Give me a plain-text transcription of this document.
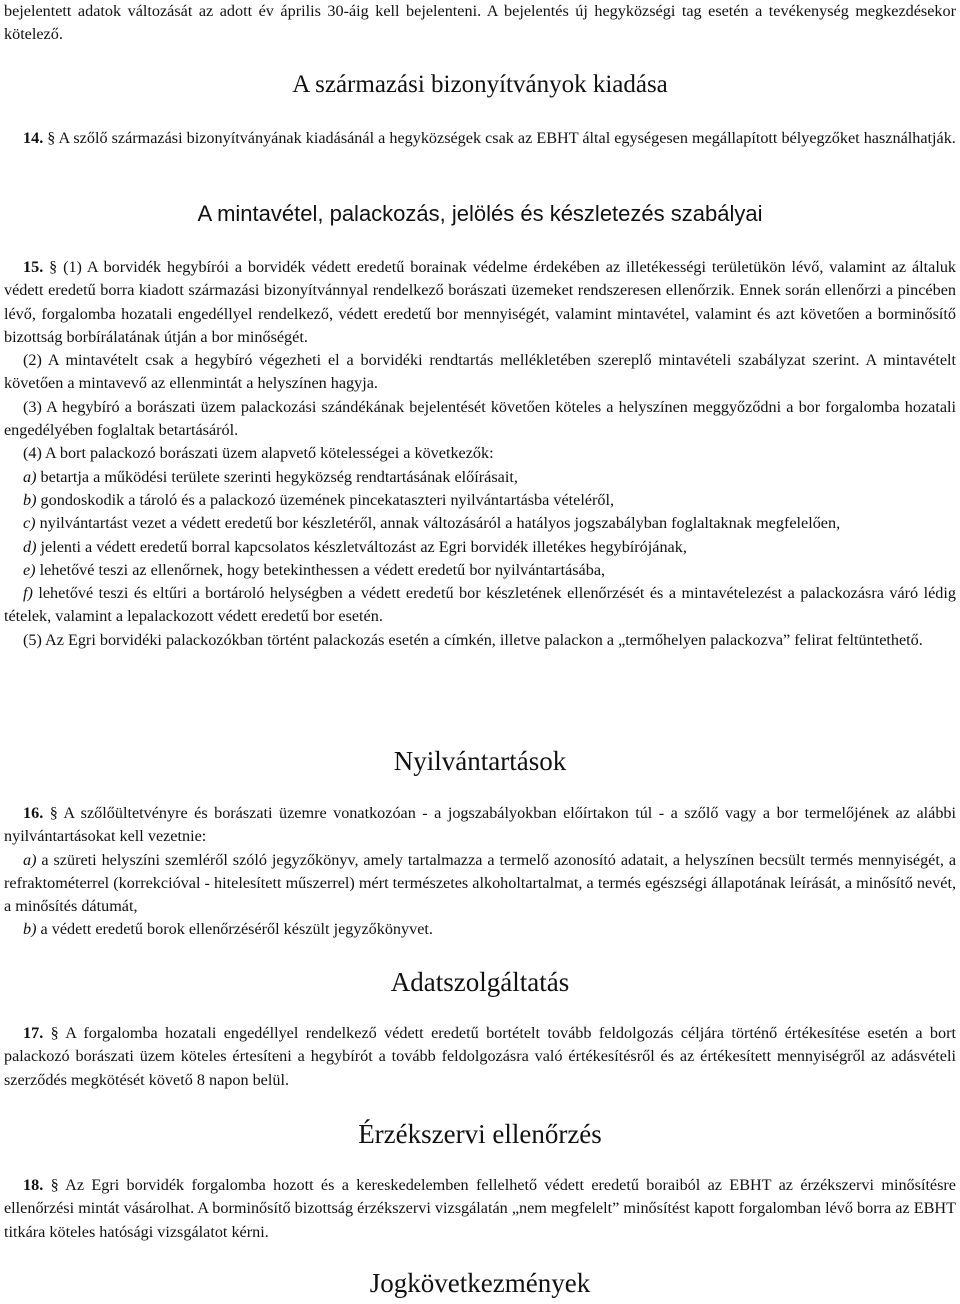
bejelentett adatok változását az adott év április 30-áig kell bejelenteni. A bejelentés új hegyközségi tag esetén a tevékenység megkezdésekor kötelező.

A származási bizonyítványok kiadása

14. § A szőlő származási bizonyítványának kiadásánál a hegyközségek csak az EBHT által egységesen megállapított bélyegzőket használhatják.

A mintavétel, palackozás, jelölés és készletezés szabályai

15. § (1) A borvidék hegybírói a borvidék védett eredetű borainak védelme érdekében az illetékességi területükön lévő, valamint az általuk védett eredetű borra kiadott származási bizonyítvánnyal rendelkező borászati üzemeket rendszeresen ellenőrzik. Ennek során ellenőrzi a pincében lévő, forgalomba hozatali engedéllyel rendelkező, védett eredetű bor mennyiségét, valamint mintavétel, valamint és azt követően a borminősítő bizottság borbírálatának útján a bor minőségét.

(2) A mintavételt csak a hegybíró végezheti el a borvidéki rendtartás mellékletében szereplő mintavételi szabályzat szerint. A mintavételt követően a mintavevő az ellenmintát a helyszínen hagyja.

(3) A hegybíró a borászati üzem palackozási szándékának bejelentését követően köteles a helyszínen meggyőződni a bor forgalomba hozatali engedélyében foglaltak betartásáról.

(4) A bort palackozó borászati üzem alapvető kötelességei a következők:

a) betartja a működési területe szerinti hegyközség rendtartásának előírásait,

b) gondoskodik a tároló és a palackozó üzemének pincekataszteri nyilvántartásba vételéről,

c) nyilvántartást vezet a védett eredetű bor készletéről, annak változásáról a hatályos jogszabályban foglaltaknak megfelelően,

d) jelenti a védett eredetű borral kapcsolatos készletváltozást az Egri borvidék illetékes hegybírójának,

e) lehetővé teszi az ellenőrnek, hogy betekinthessen a védett eredetű bor nyilvántartásába,

f) lehetővé teszi és eltűri a bortároló helységben a védett eredetű bor készletének ellenőrzését és a mintavételezést a palackozásra váró lédig tételek, valamint a lepalackozott védett eredetű bor esetén.

(5) Az Egri borvidéki palackozókban történt palackozás esetén a címkén, illetve palackon a „termőhelyen palackozva” felirat feltüntethető.

Nyilvántartások

16. § A szőlőültetvényre és borászati üzemre vonatkozóan - a jogszabályokban előírtakon túl - a szőlő vagy a bor termelőjének az alábbi nyilvántartásokat kell vezetnie:

a) a szüreti helyszíni szemléről szóló jegyzőkönyv, amely tartalmazza a termelő azonosító adatait, a helyszínen becsült termés mennyiségét, a refraktométerrel (korrekcióval - hitelesített műszerrel) mért természetes alkoholtartalmat, a termés egészségi állapotának leírását, a minősítő nevét, a minősítés dátumát,

b) a védett eredetű borok ellenőrzéséről készült jegyzőkönyvet.

Adatszolgáltatás

17. § A forgalomba hozatali engedéllyel rendelkező védett eredetű bortételt tovább feldolgozás céljára történő értékesítése esetén a bort palackozó borászati üzem köteles értesíteni a hegybírót a tovább feldolgozásra való értékesítésről és az értékesített mennyiségről az adásvételi szerződés megkötését követő 8 napon belül.

Érzékszervi ellenőrzés

18. § Az Egri borvidék forgalomba hozott és a kereskedelemben fellelhető védett eredetű boraiból az EBHT az érzékszervi minősítésre ellenőrzési mintát vásárolhat. A borminősítő bizottság érzékszervi vizsgálatán „nem megfelelt” minősítést kapott forgalomban lévő borra az EBHT titkára köteles hatósági vizsgálatot kérni.

Jogkövetkezmények
